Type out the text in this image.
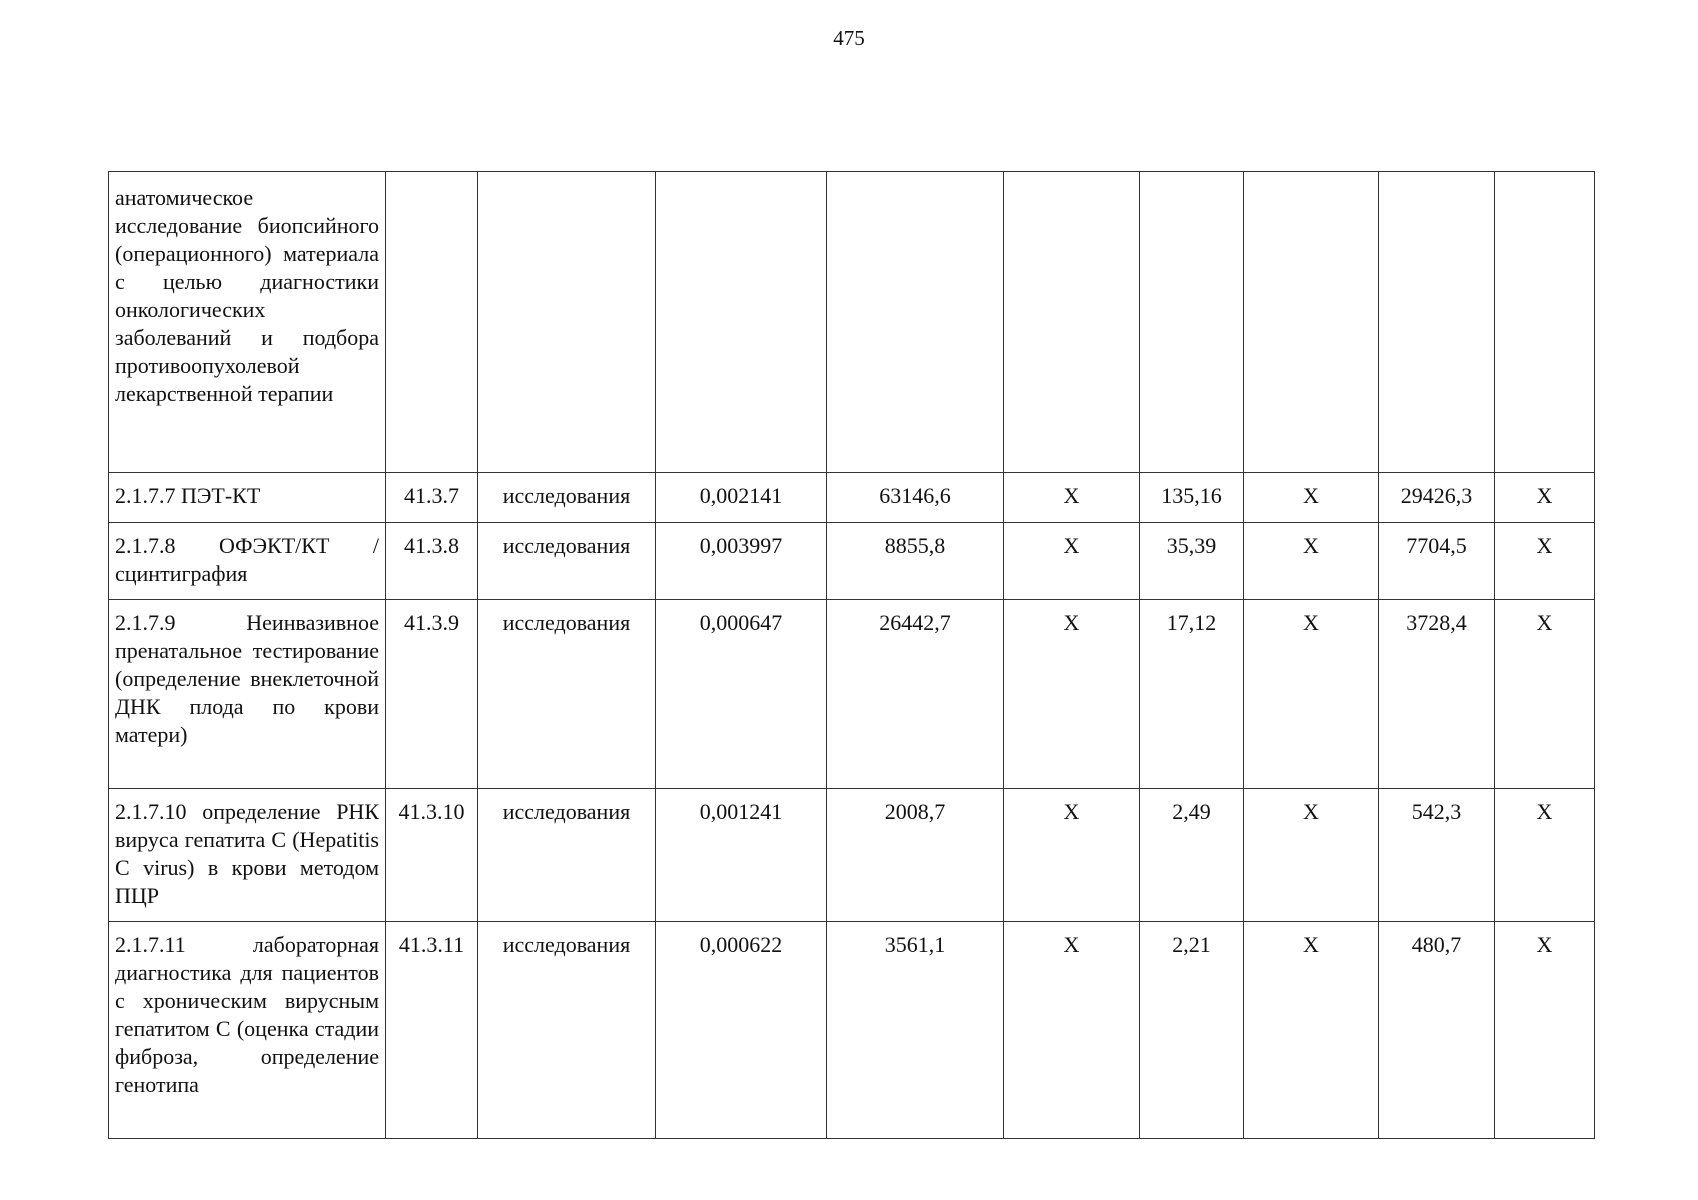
475
анатомическое исследование биопсийного (операционного) материала с целью диагностики онкологических заболеваний и подбора противоопухолевой лекарственной терапии									
2.1.7.7 ПЭТ-КТ	41.3.7	исследования	0,002141	63146,6	X	135,16	X	29426,3	X
2.1.7.8 ОФЭКТ/КТ /сцинтиграфия	41.3.8	исследования	0,003997	8855,8	X	35,39	X	7704,5	X
2.1.7.9 Неинвазивное пренатальное тестирование (определение внеклеточной ДНК плода по крови матери)	41.3.9	исследования	0,000647	26442,7	X	17,12	X	3728,4	X
2.1.7.10 определение РНК вируса гепатита С (Hepatitis C virus) в крови методом ПЦР	41.3.10	исследования	0,001241	2008,7	X	2,49	X	542,3	X
2.1.7.11 лабораторная диагностика для пациентов с хроническим вирусным гепатитом С (оценка стадии фиброза, определение генотипа	41.3.11	исследования	0,000622	3561,1	X	2,21	X	480,7	X
